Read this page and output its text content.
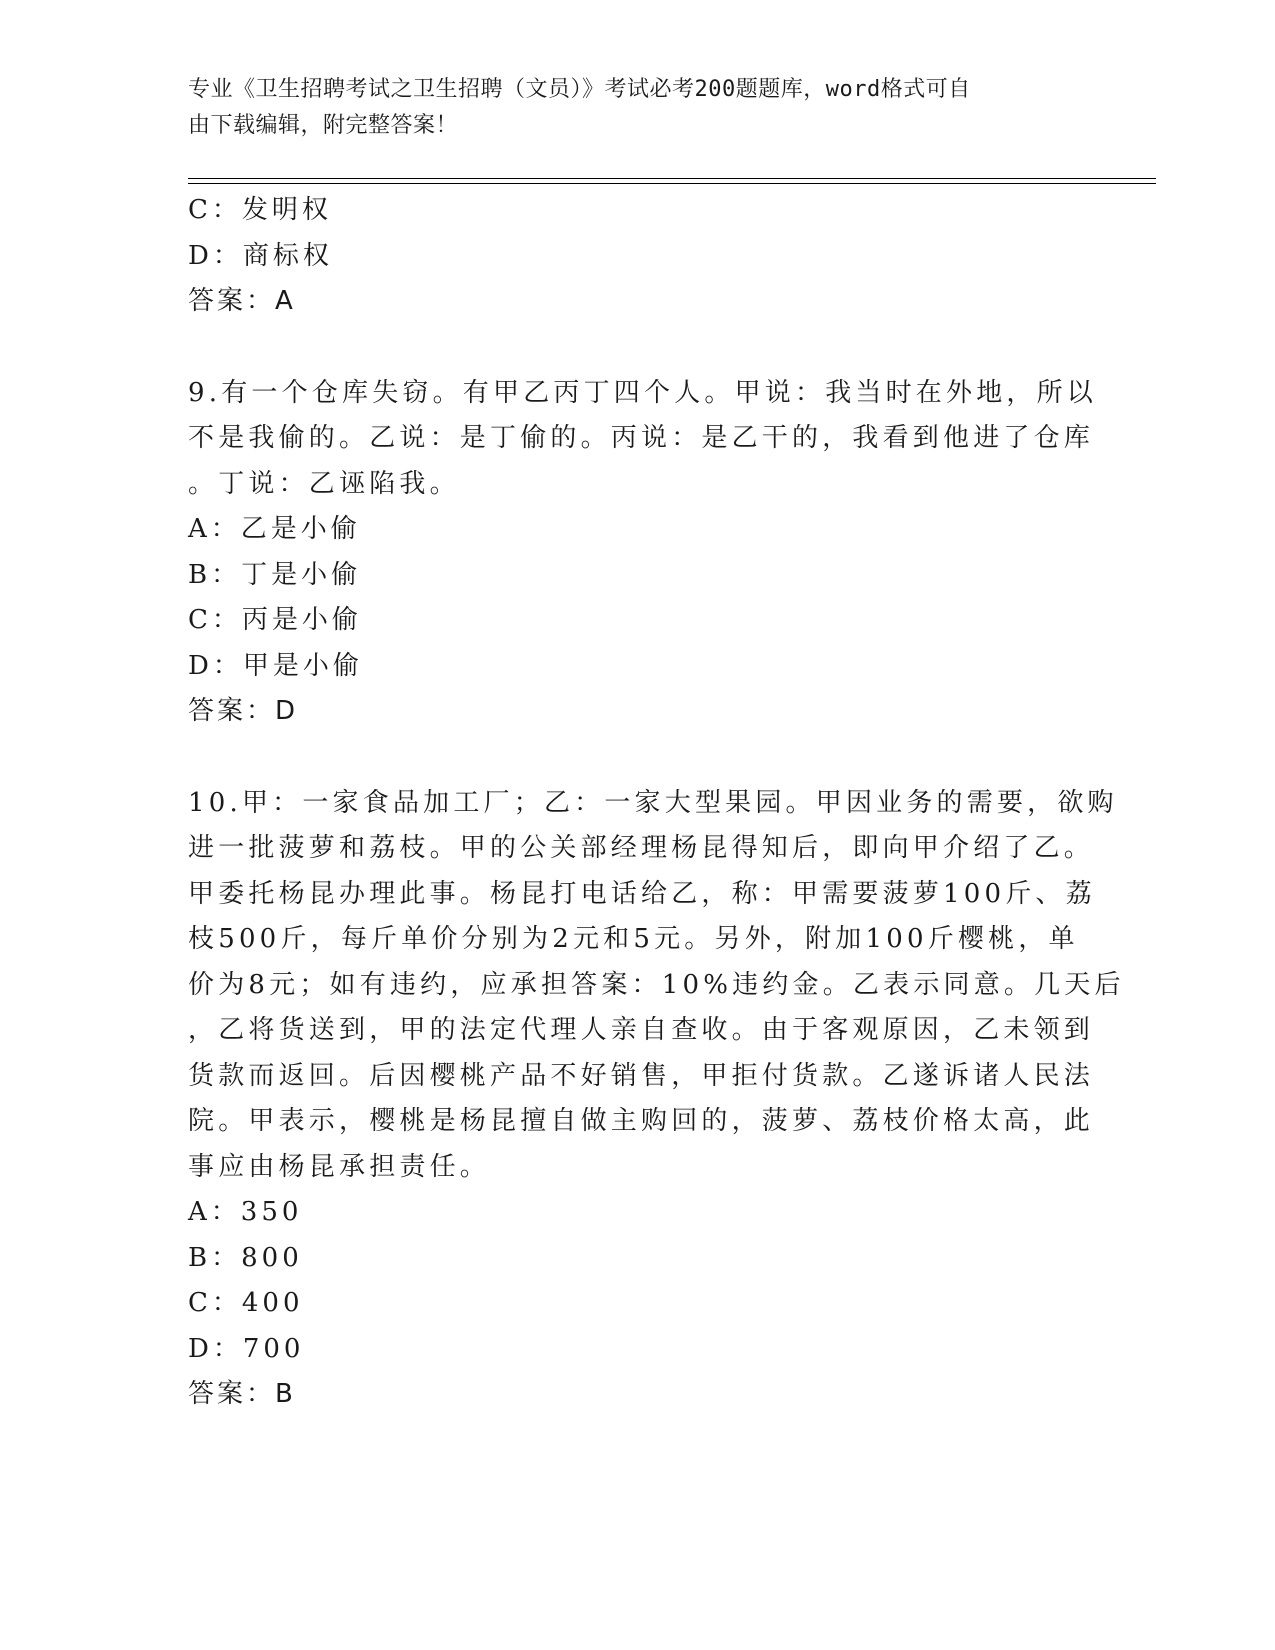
专业《卫生招聘考试之卫生招聘（文员）》考试必考200题题库，word格式可自
由下载编辑，附完整答案！
C：发明权
D：商标权
答案：A
9.有一个仓库失窃。有甲乙丙丁四个人。甲说：我当时在外地，所以
不是我偷的。乙说：是丁偷的。丙说：是乙干的，我看到他进了仓库
。丁说：乙诬陷我。
A：乙是小偷
B：丁是小偷
C：丙是小偷
D：甲是小偷
答案：D
10.甲：一家食品加工厂；乙：一家大型果园。甲因业务的需要，欲购
进一批菠萝和荔枝。甲的公关部经理杨昆得知后，即向甲介绍了乙。
甲委托杨昆办理此事。杨昆打电话给乙，称：甲需要菠萝100斤、荔
枝500斤，每斤单价分别为2元和5元。另外，附加100斤樱桃，单
价为8元；如有违约，应承担答案：10%违约金。乙表示同意。几天后
，乙将货送到，甲的法定代理人亲自查收。由于客观原因，乙未领到
货款而返回。后因樱桃产品不好销售，甲拒付货款。乙遂诉诸人民法
院。甲表示，樱桃是杨昆擅自做主购回的，菠萝、荔枝价格太高，此
事应由杨昆承担责任。
A：350
B：800
C：400
D：700
答案：B
